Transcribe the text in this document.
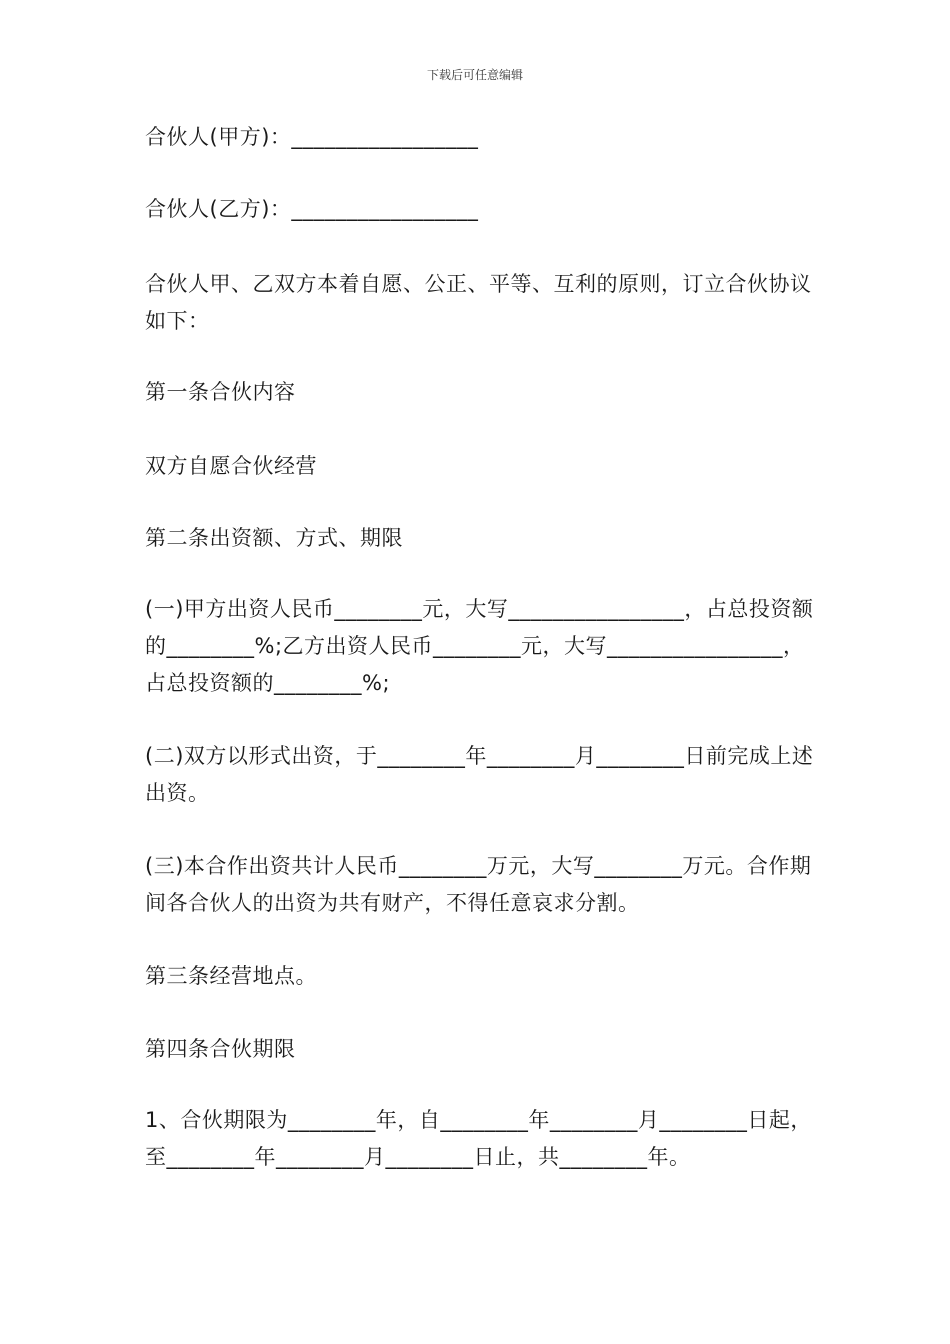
下载后可任意编辑
合伙人(甲方)：_________________
合伙人(乙方)：_________________
合伙人甲、乙双方本着自愿、公正、平等、互利的原则，订立合伙协议如下：
第一条合伙内容
双方自愿合伙经营
第二条出资额、方式、期限
(一)甲方出资人民币________元，大写________________，占总投资额的________%;乙方出资人民币________元，大写________________，占总投资额的________%;
(二)双方以形式出资，于________年________月________日前完成上述出资。
(三)本合作出资共计人民币________万元，大写________万元。合作期间各合伙人的出资为共有财产，不得任意哀求分割。
第三条经营地点。
第四条合伙期限
1、合伙期限为________年，自________年________月________日起，至________年________月________日止，共________年。
